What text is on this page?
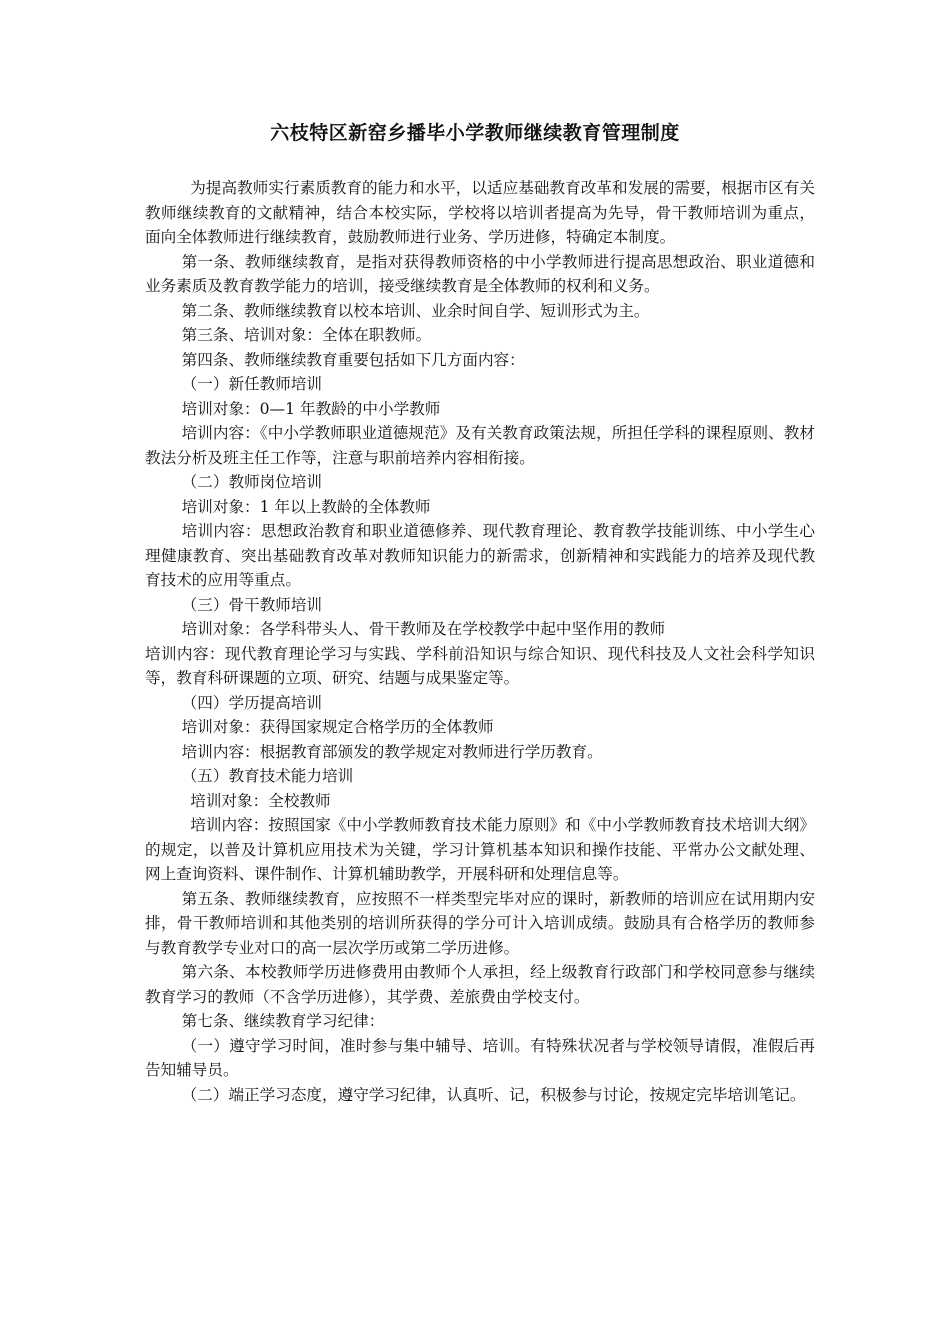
六枝特区新窑乡播毕小学教师继续教育管理制度

为提高教师实行素质教育的能力和水平，以适应基础教育改革和发展的需要，根据市区有关教师继续教育的文献精神，结合本校实际，学校将以培训者提高为先导，骨干教师培训为重点，面向全体教师进行继续教育，鼓励教师进行业务、学历进修，特确定本制度。

第一条、教师继续教育，是指对获得教师资格的中小学教师进行提高思想政治、职业道德和业务素质及教育教学能力的培训，接受继续教育是全体教师的权利和义务。

第二条、教师继续教育以校本培训、业余时间自学、短训形式为主。

第三条、培训对象：全体在职教师。

第四条、教师继续教育重要包括如下几方面内容：

（一）新任教师培训

培训对象：0—1 年教龄的中小学教师

培训内容：《中小学教师职业道德规范》及有关教育政策法规，所担任学科的课程原则、教材教法分析及班主任工作等，注意与职前培养内容相衔接。

（二）教师岗位培训

培训对象：1 年以上教龄的全体教师

培训内容：思想政治教育和职业道德修养、现代教育理论、教育教学技能训练、中小学生心理健康教育、突出基础教育改革对教师知识能力的新需求，创新精神和实践能力的培养及现代教育技术的应用等重点。

（三）骨干教师培训

培训对象：各学科带头人、骨干教师及在学校教学中起中坚作用的教师

培训内容：现代教育理论学习与实践、学科前沿知识与综合知识、现代科技及人文社会科学知识等，教育科研课题的立项、研究、结题与成果鉴定等。

（四）学历提高培训

培训对象：获得国家规定合格学历的全体教师

培训内容：根据教育部颁发的教学规定对教师进行学历教育。

（五）教育技术能力培训

培训对象：全校教师

培训内容：按照国家《中小学教师教育技术能力原则》和《中小学教师教育技术培训大纲》的规定，以普及计算机应用技术为关键，学习计算机基本知识和操作技能、平常办公文献处理、网上查询资料、课件制作、计算机辅助教学，开展科研和处理信息等。

第五条、教师继续教育，应按照不一样类型完毕对应的课时，新教师的培训应在试用期内安排，骨干教师培训和其他类别的培训所获得的学分可计入培训成绩。鼓励具有合格学历的教师参与教育教学专业对口的高一层次学历或第二学历进修。

第六条、本校教师学历进修费用由教师个人承担，经上级教育行政部门和学校同意参与继续教育学习的教师（不含学历进修），其学费、差旅费由学校支付。

第七条、继续教育学习纪律：

（一）遵守学习时间，准时参与集中辅导、培训。有特殊状况者与学校领导请假，准假后再告知辅导员。

（二）端正学习态度，遵守学习纪律，认真听、记，积极参与讨论，按规定完毕培训笔记。
